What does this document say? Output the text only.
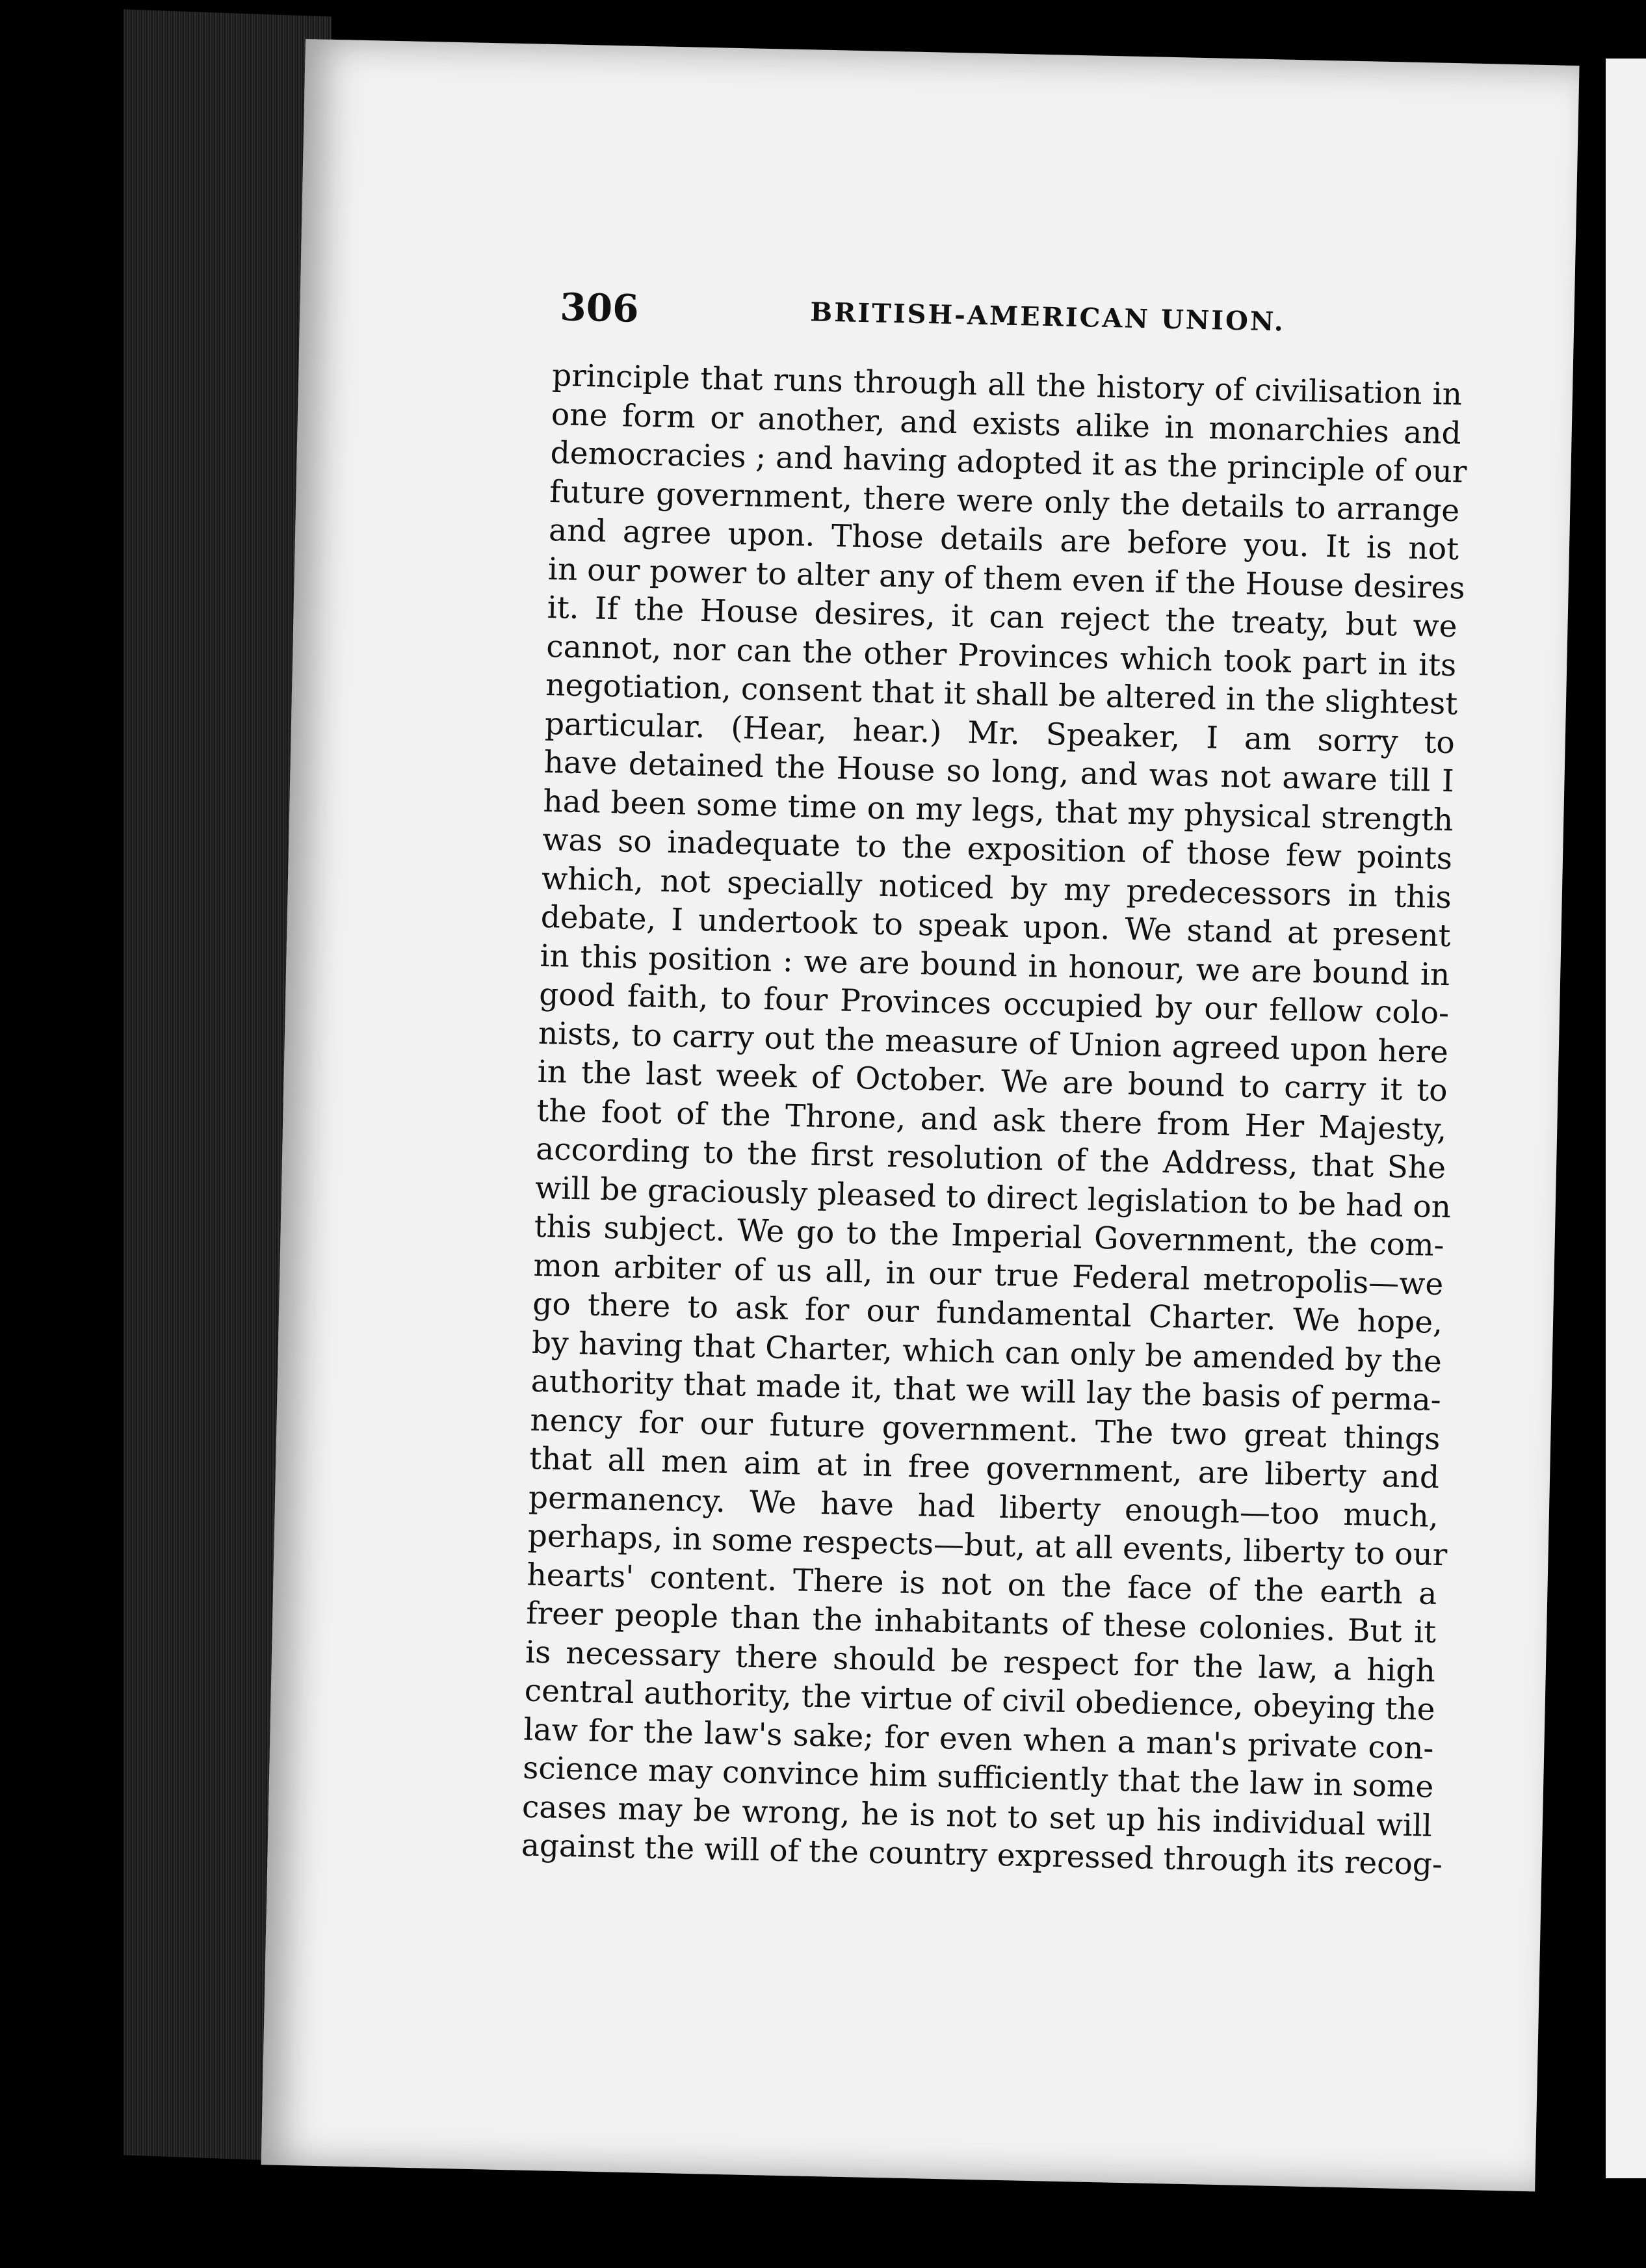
306	BRITISH-AMERICAN UNION.
principle that runs through all the history of civilisation in
one form or another, and exists alike in monarchies and
democracies ; and having adopted it as the principle of our
future government, there were only the details to arrange
and agree upon. Those details are before you. It is not
in our power to alter any of them even if the House desires
it. If the House desires, it can reject the treaty, but we
cannot, nor can the other Provinces which took part in its
negotiation, consent that it shall be altered in the slightest
particular. (Hear, hear.) Mr. Speaker, I am sorry to
have detained the House so long, and was not aware till I
had been some time on my legs, that my physical strength
was so inadequate to the exposition of those few points
which, not specially noticed by my predecessors in this
debate, I undertook to speak upon. We stand at present
in this position : we are bound in honour, we are bound in
good faith, to four Provinces occupied by our fellow colo-
nists, to carry out the measure of Union agreed upon here
in the last week of October. We are bound to carry it to
the foot of the Throne, and ask there from Her Majesty,
according to the first resolution of the Address, that She
will be graciously pleased to direct legislation to be had on
this subject. We go to the Imperial Government, the com-
mon arbiter of us all, in our true Federal metropolis—we
go there to ask for our fundamental Charter. We hope,
by having that Charter, which can only be amended by the
authority that made it, that we will lay the basis of perma-
nency for our future government. The two great things
that all men aim at in free government, are liberty and
permanency. We have had liberty enough—too much,
perhaps, in some respects—but, at all events, liberty to our
hearts' content. There is not on the face of the earth a
freer people than the inhabitants of these colonies. But it
is necessary there should be respect for the law, a high
central authority, the virtue of civil obedience, obeying the
law for the law's sake; for even when a man's private con-
science may convince him sufficiently that the law in some
cases may be wrong, he is not to set up his individual will
against the will of the country expressed through its recog-
